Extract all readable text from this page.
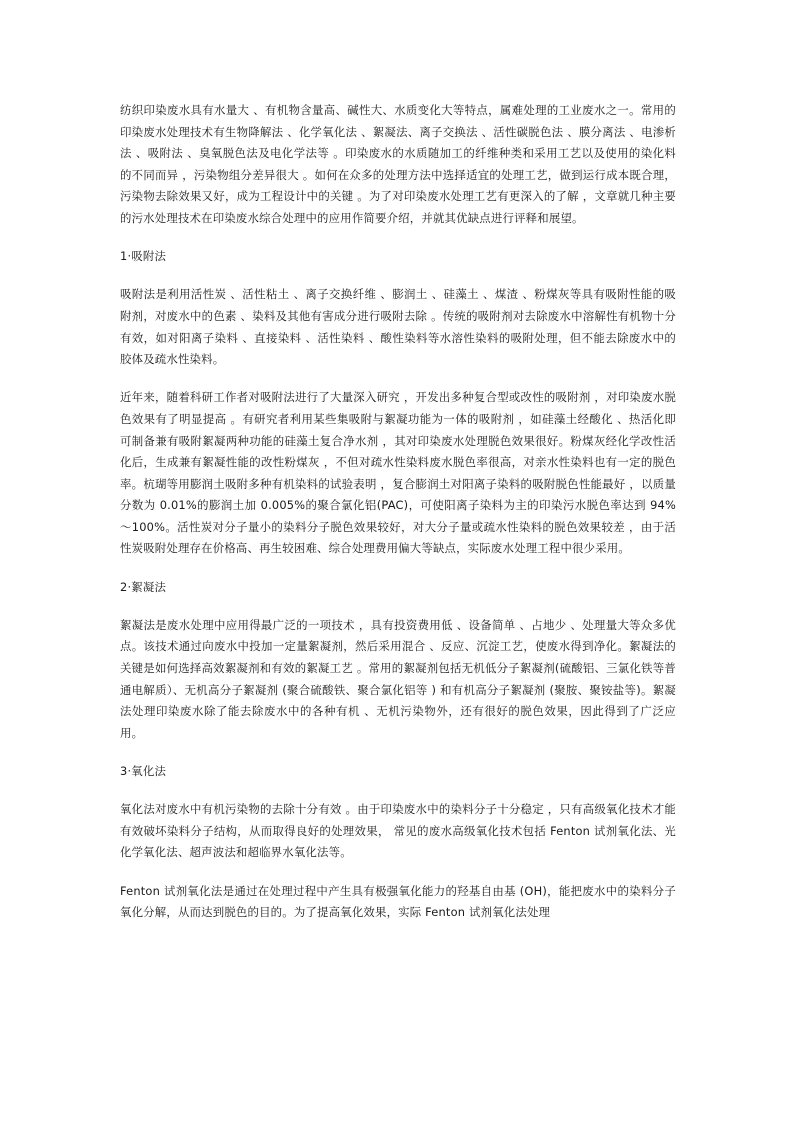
纺织印染废水具有水量大 、有机物含量高、碱性大、水质变化大等特点，属难处理的工业废水之一。常用的印染废水处理技术有生物降解法 、化学氧化法 、絮凝法、离子交换法 、活性碳脱色法 、膜分离法 、电渗析法 、吸附法 、臭氧脱色法及电化学法等 。印染废水的水质随加工的纤维种类和采用工艺以及使用的染化料的不同而异 ，污染物组分差异很大 。如何在众多的处理方法中选择适宜的处理工艺，做到运行成本既合理，污染物去除效果又好，成为工程设计中的关键 。为了对印染废水处理工艺有更深入的了解 ，文章就几种主要的污水处理技术在印染废水综合处理中的应用作简要介绍，并就其优缺点进行评释和展望。

1·吸附法

吸附法是利用活性炭 、活性粘土 、离子交换纤维 、膨润土 、硅藻土 、煤渣 、粉煤灰等具有吸附性能的吸附剂，对废水中的色素 、染料及其他有害成分进行吸附去除 。传统的吸附剂对去除废水中溶解性有机物十分有效，如对阳离子染料 、直接染料 、活性染料 、酸性染料等水溶性染料的吸附处理，但不能去除废水中的胶体及疏水性染料。

近年来，随着科研工作者对吸附法进行了大量深入研究 ，开发出多种复合型或改性的吸附剂 ，对印染废水脱色效果有了明显提高 。有研究者利用某些集吸附与絮凝功能为一体的吸附剂 ，如硅藻土经酸化 、热活化即可制备兼有吸附絮凝两种功能的硅藻土复合净水剂 ，其对印染废水处理脱色效果很好。粉煤灰经化学改性活化后，生成兼有絮凝性能的改性粉煤灰 ，不但对疏水性染料废水脱色率很高，对亲水性染料也有一定的脱色率。杭瑚等用膨润土吸附多种有机染料的试验表明 ，复合膨润土对阳离子染料的吸附脱色性能最好 ，以质量分数为 0.01%的膨润土加 0.005%的聚合氯化铝(PAC)，可使阳离子染料为主的印染污水脱色率达到 94%～100%。活性炭对分子量小的染料分子脱色效果较好，对大分子量或疏水性染料的脱色效果较差 ，由于活性炭吸附处理存在价格高、再生较困难、综合处理费用偏大等缺点，实际废水处理工程中很少采用。

2·絮凝法

絮凝法是废水处理中应用得最广泛的一项技术 ，具有投资费用低 、设备简单 、占地少 、处理量大等众多优点。该技术通过向废水中投加一定量絮凝剂，然后采用混合 、反应、沉淀工艺，使废水得到净化。絮凝法的关键是如何选择高效絮凝剂和有效的絮凝工艺 。常用的絮凝剂包括无机低分子絮凝剂(硫酸铝、三氯化铁等普通电解质）、无机高分子絮凝剂 (聚合硫酸铁、聚合氯化铝等 ) 和有机高分子絮凝剂 (聚胺、聚铵盐等)。絮凝法处理印染废水除了能去除废水中的各种有机 、无机污染物外，还有很好的脱色效果，因此得到了广泛应用。

3·氧化法

氧化法对废水中有机污染物的去除十分有效 。由于印染废水中的染料分子十分稳定 ，只有高级氧化技术才能有效破坏染料分子结构，从而取得良好的处理效果， 常见的废水高级氧化技术包括 Fenton 试剂氧化法、光化学氧化法、超声波法和超临界水氧化法等。

Fenton 试剂氧化法是通过在处理过程中产生具有极强氧化能力的羟基自由基 (OH)，能把废水中的染料分子氧化分解，从而达到脱色的目的。为了提高氧化效果，实际 Fenton 试剂氧化法处理
